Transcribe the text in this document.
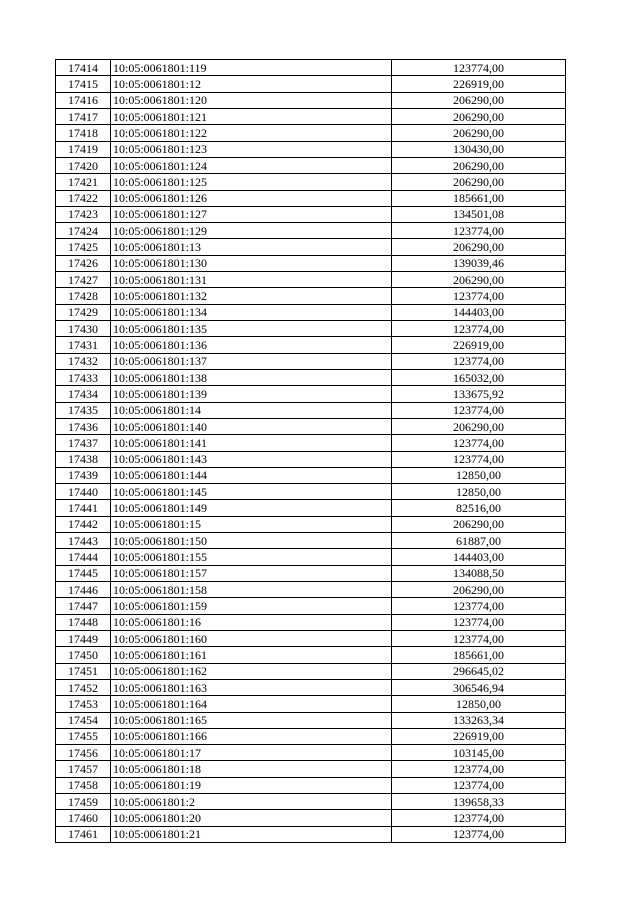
17414	10:05:0061801:119	123774,00
17415	10:05:0061801:12	226919,00
17416	10:05:0061801:120	206290,00
17417	10:05:0061801:121	206290,00
17418	10:05:0061801:122	206290,00
17419	10:05:0061801:123	130430,00
17420	10:05:0061801:124	206290,00
17421	10:05:0061801:125	206290,00
17422	10:05:0061801:126	185661,00
17423	10:05:0061801:127	134501,08
17424	10:05:0061801:129	123774,00
17425	10:05:0061801:13	206290,00
17426	10:05:0061801:130	139039,46
17427	10:05:0061801:131	206290,00
17428	10:05:0061801:132	123774,00
17429	10:05:0061801:134	144403,00
17430	10:05:0061801:135	123774,00
17431	10:05:0061801:136	226919,00
17432	10:05:0061801:137	123774,00
17433	10:05:0061801:138	165032,00
17434	10:05:0061801:139	133675,92
17435	10:05:0061801:14	123774,00
17436	10:05:0061801:140	206290,00
17437	10:05:0061801:141	123774,00
17438	10:05:0061801:143	123774,00
17439	10:05:0061801:144	12850,00
17440	10:05:0061801:145	12850,00
17441	10:05:0061801:149	82516,00
17442	10:05:0061801:15	206290,00
17443	10:05:0061801:150	61887,00
17444	10:05:0061801:155	144403,00
17445	10:05:0061801:157	134088,50
17446	10:05:0061801:158	206290,00
17447	10:05:0061801:159	123774,00
17448	10:05:0061801:16	123774,00
17449	10:05:0061801:160	123774,00
17450	10:05:0061801:161	185661,00
17451	10:05:0061801:162	296645,02
17452	10:05:0061801:163	306546,94
17453	10:05:0061801:164	12850,00
17454	10:05:0061801:165	133263,34
17455	10:05:0061801:166	226919,00
17456	10:05:0061801:17	103145,00
17457	10:05:0061801:18	123774,00
17458	10:05:0061801:19	123774,00
17459	10:05:0061801:2	139658,33
17460	10:05:0061801:20	123774,00
17461	10:05:0061801:21	123774,00
